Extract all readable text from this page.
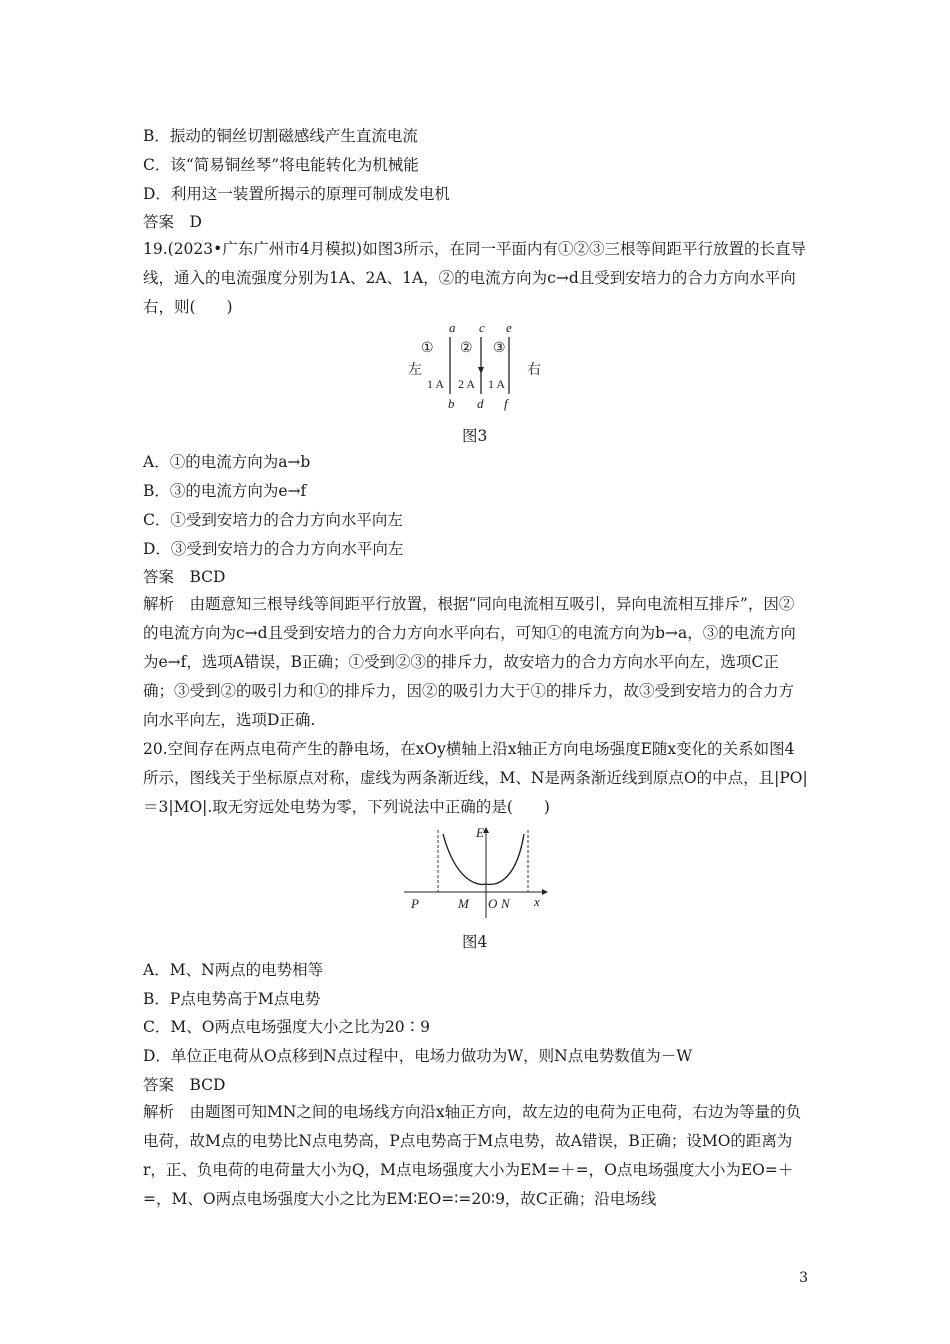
B．振动的铜丝切割磁感线产生直流电流
C．该“简易铜丝琴”将电能转化为机械能
D．利用这一装置所揭示的原理可制成发电机
答案　D
19.(2023•广东广州市4月模拟)如图3所示，在同一平面内有①②③三根等间距平行放置的长直导线，通入的电流强度分别为1A、2A、1A，②的电流方向为c→d且受到安培力的合力方向水平向右，则(　　)
a c e
b d f
① ② ③
左	右
1 A 2 A 1 A
图3
A．①的电流方向为a→b
B．③的电流方向为e→f
C．①受到安培力的合力方向水平向左
D．③受到安培力的合力方向水平向左
答案　BCD
解析　由题意知三根导线等间距平行放置，根据“同向电流相互吸引，异向电流相互排斥”，因②的电流方向为c→d且受到安培力的合力方向水平向右，可知①的电流方向为b→a，③的电流方向为e→f，选项A错误，B正确；①受到②③的排斥力，故安培力的合力方向水平向左，选项C正确；③受到②的吸引力和①的排斥力，因②的吸引力大于①的排斥力，故③受到安培力的合力方向水平向左，选项D正确.
20.空间存在两点电荷产生的静电场，在xOy横轴上沿x轴正方向电场强度E随x变化的关系如图4所示，图线关于坐标原点对称，虚线为两条渐近线，M、N是两条渐近线到原点O的中点，且|PO|＝3|MO|.取无穷远处电势为零，下列说法中正确的是(　　)
E
x
P	M O N
图4
A．M、N两点的电势相等
B．P点电势高于M点电势
C．M、O两点电场强度大小之比为20∶9
D．单位正电荷从O点移到N点过程中，电场力做功为W，则N点电势数值为－W
答案　BCD
解析　由题图可知MN之间的电场线方向沿x轴正方向，故左边的电荷为正电荷，右边为等量的负电荷，故M点的电势比N点电势高，P点电势高于M点电势，故A错误，B正确；设MO的距离为r，正、负电荷的电荷量大小为Q，M点电场强度大小为EM=＋=，O点电场强度大小为EO=＋=，M、O两点电场强度大小之比为EM∶EO=∶=20∶9，故C正确；沿电场线
3
